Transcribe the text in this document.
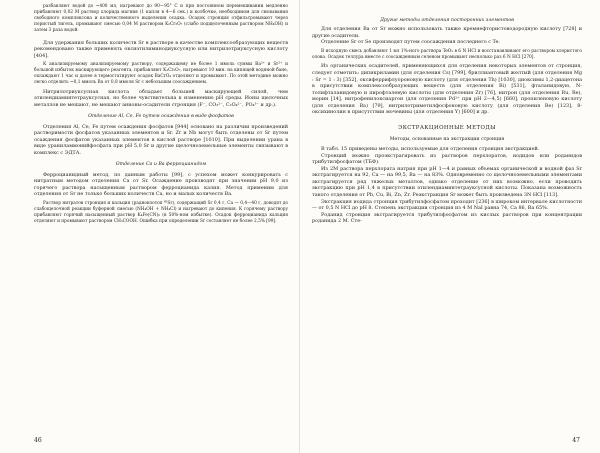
разбавляют водой до ~400 мл, нагревают до 90—95° С и при постоянном перемешивании медленно прибавляют 0,02 М раствор хлорида магния (1 капля в 4—6 сек.) и колбочке, необходимом для связывания свободного комплексона и количественного выделения осадка. Осадок стронция отфильтровывают через пористый тигель, промывают смесью 0,04 М раствором K₂Cr₂O₇ (слабо подщелоченным раствором NH₄OH) и затем 3 раза водой.

Для удержания больших количеств Sr в растворе в качестве комплексообразующих веществ рекомендовано также применять оксиэтилиминодиуксусную или нитрилотриуксусную кислоту [404].

К анализируемому анализируемому раствору, содержащему не более 1 ммоль суммы Ba²⁺ и Sr²⁺ и большой избыток маскирующего реагента, прибавляют K₂Cr₂O₇, нагревают 10 мин. на кипящей водяной бане, охлаждают 1 час и далее в термостатируют осадок BaCrO₄ отделяют и промывают. По этой методике можно легко отделить ~0,1 ммоль Ba от 0,8 ммоля Sr с небольшим соосаждением.

Нитрилотриуксусная кислота обладает большей маскирующей силой, чем этилендиаминтетрауксусная, но более чувствительна к изменению pH среды. Ионы щелочных металлов не мешают, не мешают анионы-осадители стронция (F⁻, CO₃²⁻, C₂O₄²⁻, PO₄³⁻ и др.).

Отделение Al, Ce, Fe путем осаждения в виде фосфатов

Отделения Al, Ce, Fe путем осаждения фосфатов [944] основано на различии произведений растворимости фосфатов указанных элементов и Sr. Zr и Nb могут быть отделены от Sr путем осаждения фосфатов указанных элементов в кислой растворе [1010]. При выделении урана в виде ураниламмонийфосфата при pH 5,0 Sr и другие щелочноземельные элементы связывают в комплекс с ЭДТА.

Отделение Ca и Ba ферроцианидом

Ферроцианидный метод, по данным работы [99], с успехом может конкурировать с нитратным методом отделения Ca от Sr. Осаждение производят при значении pH 9,0 из горячего раствора насыщенным раствором ферроцианида калия. Метод применим для отделения от Sr не только больших количеств Ca, но и малых количеств Ba.

Раствор нитратов стронция и кальция (радиоизотоп ⁸⁵Sr), содержащий Sr 0,4 г, Ca — 0,4—40 г, доводят до слабощелочной реакции буферной смесью (NH₄OH + NH₄Cl) и нагревают до кипения. К горячему раствору прибавляют горячий насыщенный раствор K₄Fe(CN)₆ (в 50%-ном избытке). Осадок ферроцианида кальция отделяют и промывают раствором CH₃COOH. Ошибка при определении Sr составляет не более 2,5% [99].

46

Другие методы отделения посторонних элементов

Для отделения Ba от Sr можно использовать также кремнефтористоводородную кислоту [728] и другие осадители.

Отделение Sr от Se производят путем соосаждения последнего с Te.

В исходную смесь добавляют 1 мл 1%-ного раствора TeO₂ в 6 N HCl и восстанавливают его раствором хлористого олова. Осадок теллура вместе с соосажденным селеном промывают несколько раз 6 N HCl [270].

Из органических осадителей, применяющихся для отделения некоторых элементов от стронция, следует отметить: дипикриламин (для отделения Cs) [799], бриллиантовый желтый (для отделения Mg : Sr = 1 : 3) [352], оксиферрифлуороновую кислоту (для отделения Th) [1030], диоксимы 1,2-диацетона в присутствии комплексообразующих веществ (для отделения Bi) [531], фталанидовую, N-толифталанидовую и пирофталевую кислоты (для отделения Zr) [76], нитрон (для отделения Ru, Re), морин [14], нитрофенилоксиаргон (для отделения Pd²⁺ при pH 2—4,5) [660], пропиленовую кислоту (для отделения Ba) [79], нитрилотриметилфосфоновую кислоту (для отделения Be) [123], 8-оксихинолин в присутствии мочевины (для отделения Y) [600] и др.

ЭКСТРАКЦИОННЫЕ МЕТОДЫ

Методы, основанные на экстракции стронция

В табл. 15 приведены методы, используемые для отделения стронция экстракцией.

Стронций можно проэкстрагировать из растворов перхлоратов, иодидов или роданидов трибутилфосфатом (ТБФ).

Из 2М раствора перхлората натрия при pH 1—4 и равных объемах органической и водной фаз Sr экстрагируется на 92, Ca — на 99,5, Ba — на 83%. Одновременно со щелочноземельными элементами экстрагируется ряд тяжелых металлов, однако отделение от них возможно, если проводить экстракцию при pH 1,4 в присутствии этилендиаминтетрауксусной кислоты. Показана возможность такого отделения от Pb, Cu, Bi, Zn, Zr. Реэкстракция Sr может быть произведена 3N HCl [113].

Экстракция иодида стронция трибутилфосфатом проходит [236] в широком интервале кислотности — от 0,5 N HCl до pH 8. Степень экстракции стронция из 4 M NaI равна 74, Ca 86, Ba 65%.

Роданид стронция экстрагируется трибутилфосфатом из кислых растворов при концентрации роданида 2 M. Сте-

47
